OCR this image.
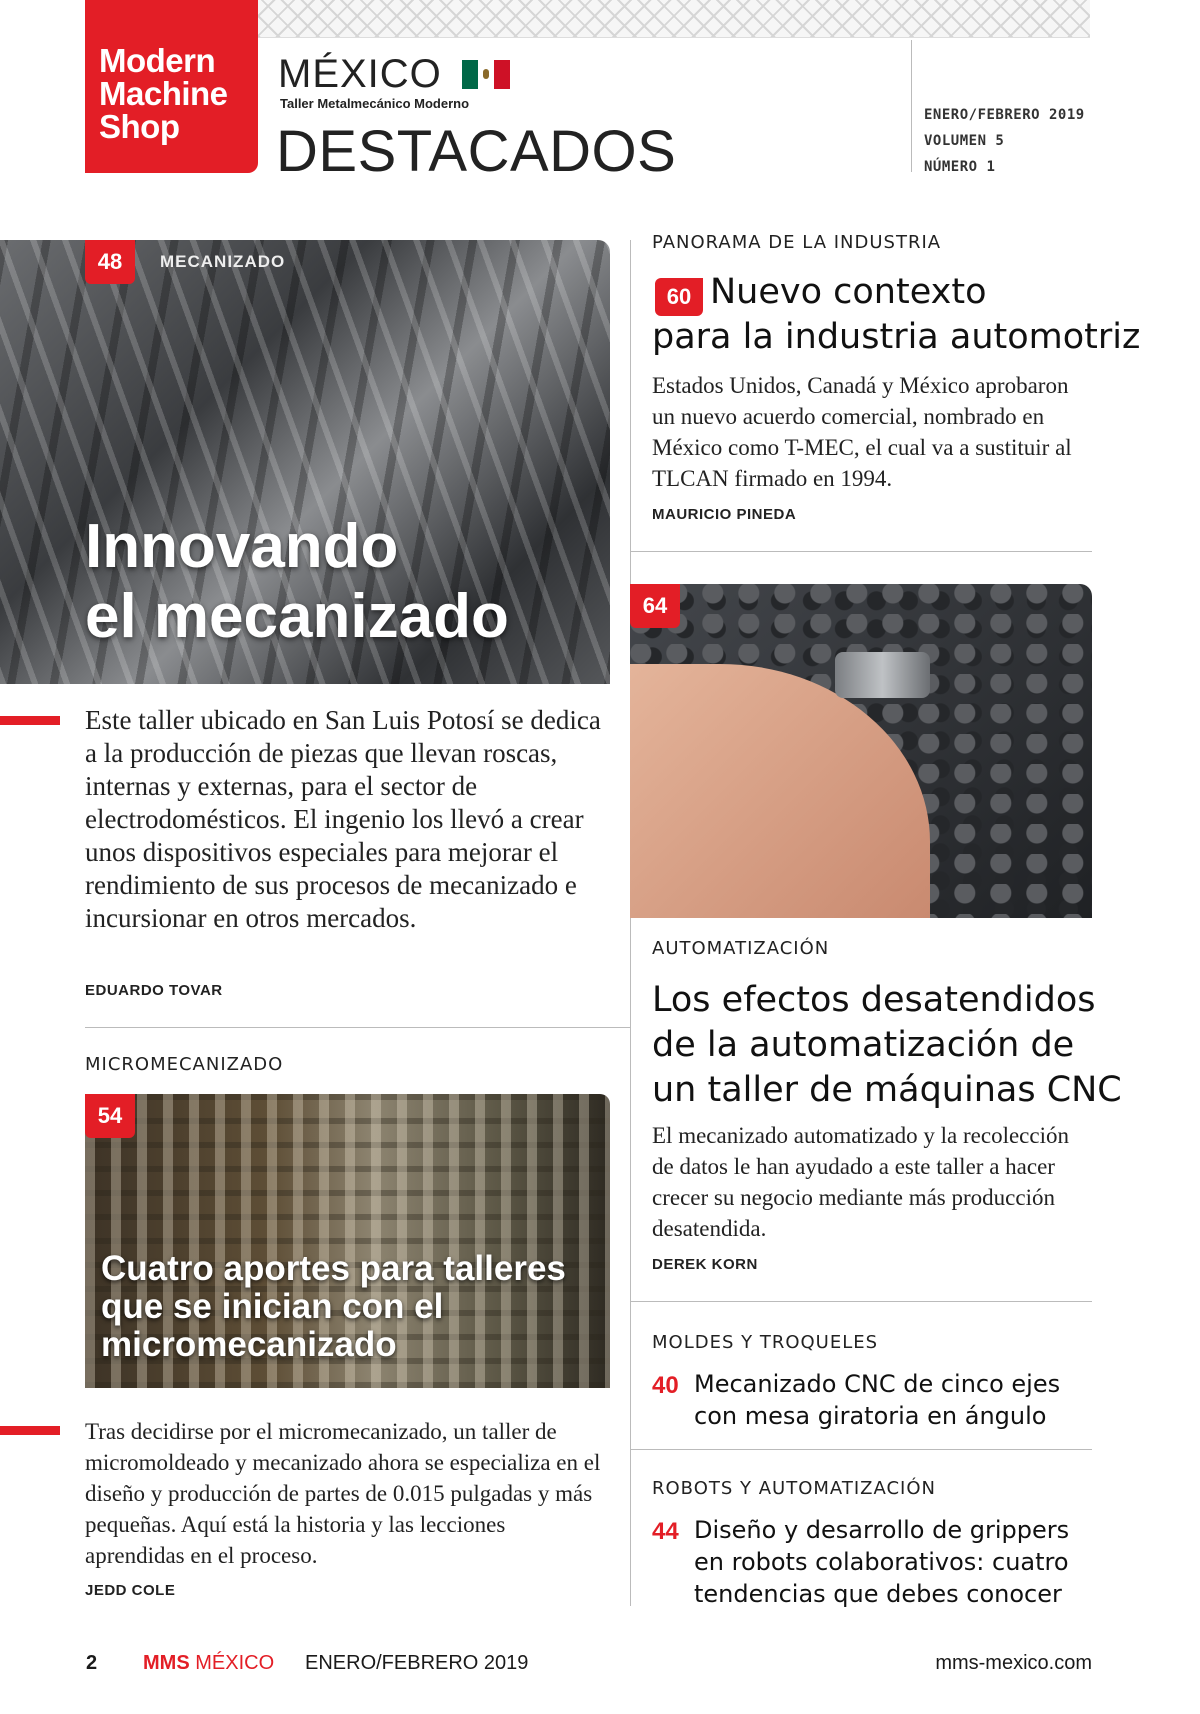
Modern
Machine
Shop
MÉXICO
Taller Metalmecánico Moderno
DESTACADOS
ENERO/FEBRERO 2019
VOLUMEN 5
NÚMERO 1
48	MECANIZADO
Innovando
el mecanizado
Este taller ubicado en San Luis Potosí se dedica a la producción de piezas que llevan roscas, internas y externas, para el sector de electrodomésticos. El ingenio los llevó a crear unos dispositivos especiales para mejorar el rendimiento de sus procesos de mecanizado e incursionar en otros mercados.
EDUARDO TOVAR
MICROMECANIZADO
54
Cuatro aportes para talleres
que se inician con el
micromecanizado
Tras decidirse por el micromecanizado, un taller de micromoldeado y mecanizado ahora se especializa en el diseño y producción de partes de 0.015 pulgadas y más pequeñas. Aquí está la historia y las lecciones aprendidas en el proceso.
JEDD COLE
PANORAMA DE LA INDUSTRIA
60 Nuevo contexto
para la industria automotriz
Estados Unidos, Canadá y México aprobaron un nuevo acuerdo comercial, nombrado en México como T-MEC, el cual va a sustituir al TLCAN firmado en 1994.
MAURICIO PINEDA
64
AUTOMATIZACIÓN
Los efectos desatendidos
de la automatización de
un taller de máquinas CNC
El mecanizado automatizado y la recolección de datos le han ayudado a este taller a hacer crecer su negocio mediante más producción desatendida.
DEREK KORN
MOLDES Y TROQUELES
40 Mecanizado CNC de cinco ejes
con mesa giratoria en ángulo
ROBOTS Y AUTOMATIZACIÓN
44 Diseño y desarrollo de grippers
en robots colaborativos: cuatro
tendencias que debes conocer
2 MMS MÉXICO ENERO/FEBRERO 2019	mms-mexico.com
